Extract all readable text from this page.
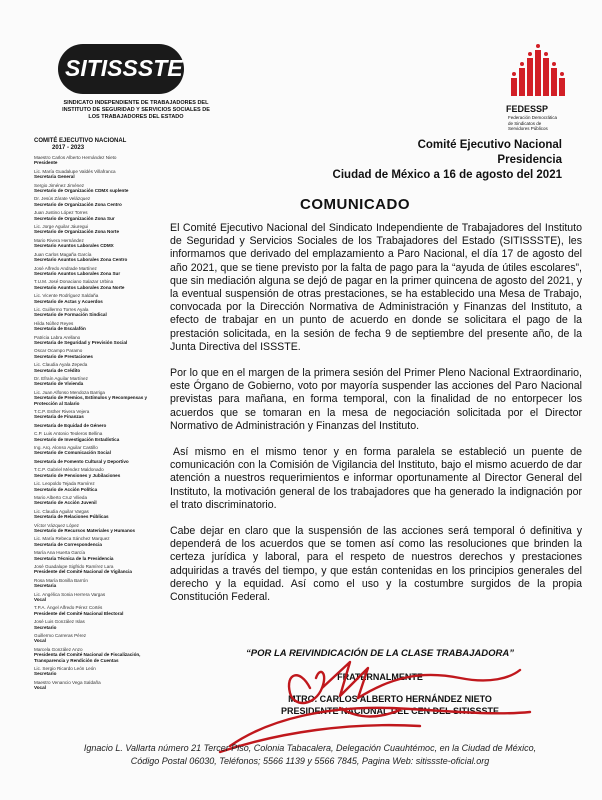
SITISSSTE
SINDICATO INDEPENDIENTE DE TRABAJADORES DEL INSTITUTO DE SEGURIDAD Y SERVICIOS SOCIALES DE LOS TRABAJADORES DEL ESTADO
FEDESSP
Federación Democrática de Sindicatos de Servidores Públicos
COMITÉ EJECUTIVO NACIONAL
2017 - 2023
Maestro Carlos Alberto Hernández Nieto
Presidente
Lic. María Guadalupe Valdés Villafranca
Secretaria General
Sergio Jiménez Jiménez
Secretario de Organización CDMX suplente
Dr. Jesús Zárate Velázquez
Secretario de Organización Zona Centro
Juan Justino López Torres
Secretario de Organización Zona Sur
Lic. Jorge Aguilar Jáuregui
Secretario de Organización Zona Norte
Mario Rivera Hernández
Secretario Asuntos Laborales CDMX
Juan Carlos Magaña García
Secretario Asuntos Laborales Zona Centro
José Alfredo Andrade Martínez
Secretario Asuntos Laborales Zona Sur
T.U.M. José Donaciano Salazar Urbina
Secretario Asuntos Laborales Zona Norte
Lic. Vicente Rodríguez Saldaña
Secretario de Actas y Acuerdos
Lic. Guillermo Torres Ayala
Secretario de Formación Sindical
Hilda Núñez Reyes
Secretaria de Escalafón
Patricia Labra Arellano
Secretaria de Seguridad y Previsión Social
Oscar Ocampo Paramo
Secretario de Prestaciones
Lic. Claudia Ayala Zepeda
Secretaria de Crédito
Dr. Efraín Aguilar Martínez
Secretario de Vivienda
Lic. Juan Alfonso Mendoza Barriga
Secretario de Premios, Estímulos y Recompensas y Protección al Salario
T.C.P. Esther Rivera Vejera
Secretaria de Finanzas
Secretaría de Equidad de Género
C.P. Luis Antonio Teoleros Bellina
Secretario de Investigación Estadística
Ing. Arq. Alonso Aguilar Castillo
Secretario de Comunicación Social
Secretaría de Fomento Cultural y Deportivo
T.C.P. Gabriel Méndez Maldonado
Secretario de Pensiones y Jubilaciones
Lic. Leopoldo Tejada Ramírez
Secretario de Acción Política
Mario Alberto Cruz Vilieda
Secretario de Acción Juvenil
Lic. Claudia Aguilar Vargas
Secretaria de Relaciones Públicas
Víctor Vázquez López
Secretario de Recursos Materiales y Humanos
Lic. María Rebeca Sánchez Marquez
Secretaria de Correspondencia
María Ana Huerta García
Secretaria Técnica de la Presidencia
José Guadalupe Sigfrido Ramírez Lara
Presidente del Comité Nacional de Vigilancia
Rosa María Bonilla Barrón
Secretaria
Lic. Angélica Sonia Herrera Vargas
Vocal
T.P.A. Ángel Alfredo Pérez Cortés
Presidente del Comité Nacional Electoral
José Luis González Islas
Secretario
Guillermo Carreras Pérez
Vocal
Marcela González Anzo
Presidenta del Comité Nacional de Fiscalización, Transparencia y Rendición de Cuentas
Lic. Sergio Ricardo León León
Secretario
Maestro Venancio Vega Saldaña
Vocal
Comité Ejecutivo Nacional
Presidencia
Ciudad de México a 16 de agosto del 2021
COMUNICADO

El Comité Ejecutivo Nacional del Sindicato Independiente de Trabajadores del Instituto de Seguridad y Servicios Sociales de los Trabajadores del Estado (SITISSSTE), les informamos que derivado del emplazamiento a Paro Nacional, el día 17 de agosto del año 2021, que se tiene previsto por la falta de pago para la “ayuda de útiles escolares”, que sin mediación alguna se dejó de pagar en la primer quincena de agosto del 2021, y la eventual suspensión de otras prestaciones, se ha establecido una Mesa de Trabajo, convocada por la Dirección Normativa de Administración y Finanzas del Instituto, a efecto de trabajar en un punto de acuerdo en donde se solicitara el pago de la prestación solicitada, en la sesión de fecha 9 de septiembre del presente año, de la Junta Directiva del ISSSTE.

Por lo que en el margen de la primera sesión del Primer Pleno Nacional Extraordinario, este Órgano de Gobierno, voto por mayoría suspender las acciones del Paro Nacional previstas para mañana, en forma temporal, con la finalidad de no entorpecer los acuerdos que se tomaran en la mesa de negociación solicitada por el Director Normativo de Administración y Finanzas del Instituto.

Así mismo en el mismo tenor y en forma paralela se estableció un puente de comunicación con la Comisión de Vigilancia del Instituto, bajo el mismo acuerdo de dar atención a nuestros requerimientos e informar oportunamente al Director General del Instituto, la motivación general de los trabajadores que ha generado la indignación por el trato discriminatorio.

Cabe dejar en claro que la suspensión de las acciones será temporal ó definitiva y dependerá de los acuerdos que se tomen así como las resoluciones que brinden la certeza jurídica y laboral, para el respeto de nuestros derechos y prestaciones adquiridas a través del tiempo, y que están contenidas en los principios generales del derecho y la equidad. Así como el uso y la costumbre surgidos de la propia Constitución Federal.

“POR LA REIVINDICACIÓN DE LA CLASE TRABAJADORA”
FRATERNALMENTE
MTRO. CARLOS ALBERTO HERNÁNDEZ NIETO
PRESIDENTE NACIONAL DEL CEN DEL SITISSSTE
Ignacio L. Vallarta número 21 Tercer Piso, Colonia Tabacalera, Delegación Cuauhtémoc, en la Ciudad de México,
Código Postal 06030, Teléfonos; 5566 1139 y 5566 7845, Pagina Web: sitissste-oficial.org
